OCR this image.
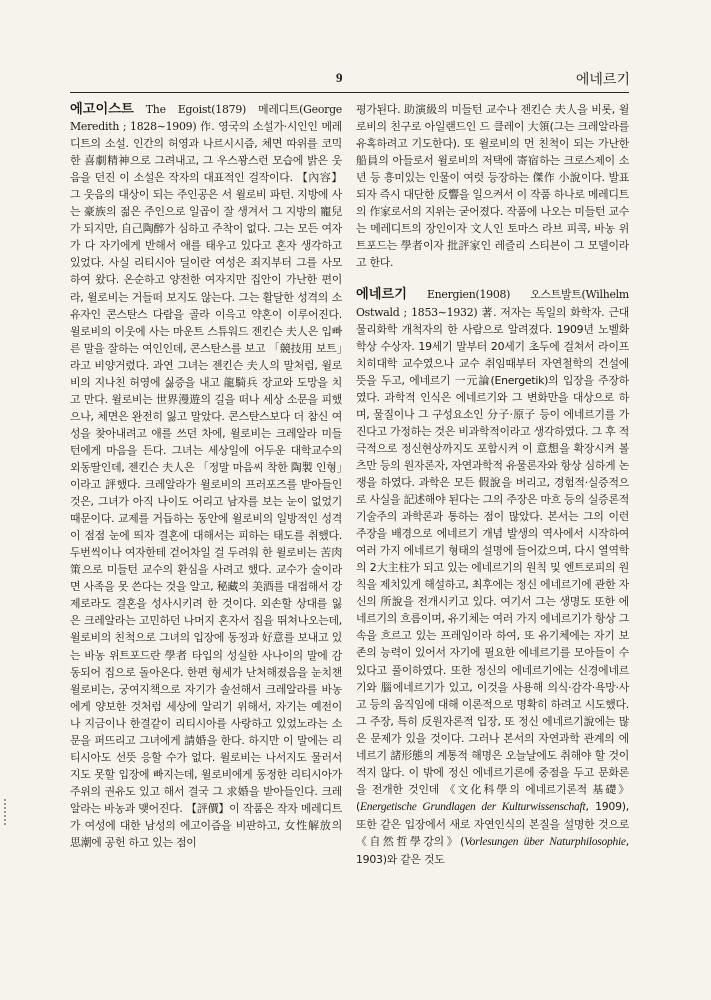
9	에네르기

에고이스트 The Egoist(1879) 메레디트(George Meredith ; 1828∼1909) 作. 영국의 소설가·시인인 메레디트의 소설. 인간의 허영과 나르시시즘, 체면 따위를 코믹한 喜劇精神으로 그려내고, 그 우스꽝스런 모습에 밝은 웃음을 던진 이 소설은 작자의 대표적인 걸작이다. 【內容】그 웃음의 대상이 되는 주인공은 서 윌로비 파턴. 지방에 사는 豪族의 젊은 주인으로 일곱이 잘 생겨서 그 지방의 寵兒가 되지만, 自己陶醉가 심하고 주착이 없다. 그는 모든 여자가 다 자기에게 반해서 애를 태우고 있다고 혼자 생각하고 있었다. 사실 리티시아 딜이란 여성은 죄지부터 그를 사모하여 왔다. 온순하고 양전한 여자지만 집안이 가난한 편이라, 윌로비는 거들떠 보지도 않는다. 그는 활달한 성격의 소유자인 콘스탄스 다람을 골라 이윽고 약혼이 이루어진다. 윌로비의 이웃에 사는 마운트 스튜워드 젠킨슨 夫人은 입빠른 말을 잘하는 여인인데, 콘스탄스를 보고 「競技用 보트」라고 비양거렸다. 과연 그녀는 젠킨슨 夫人의 말처럼, 윌로비의 지나친 허영에 싫증을 내고 龍騎兵 장교와 도망을 치고 만다. 윌로비는 世界漫遊의 길을 떠나 세상 소문을 피했으나, 체면은 완전히 잃고 말았다. 콘스탄스보다 더 참신 여성을 찾아내려고 애를 쓰던 차에, 윌로비는 크레알라 미들턴에게 마음을 든다. 그녀는 세상일에 어두운 대학교수의 외동딸인데, 젠킨슨 夫人은 「정말 마음씨 착한 陶製 인형」이라고 評했다. 크레알라가 윌로비의 프러포즈를 받아들인 것은, 그녀가 아직 나이도 어리고 남자를 보는 눈이 없었기 때문이다. 교제를 거듭하는 동안에 윌로비의 일방적인 성격이 점점 눈에 띄자 결혼에 대해서는 피하는 태도를 취했다. 두번씩이나 여자한테 걷어차일 걸 두려워 한 윌로비는 苦肉策으로 미들턴 교수의 환심을 사려고 했다. 교수가 술이라면 사족을 못 쓴다는 것을 알고, 秘藏의 美酒를 대접해서 강제로라도 결혼을 성사시키려 한 것이다. 외손할 상대를 잃은 크레알라는 고민하던 나머지 혼자서 집을 뛰쳐나오는데, 윌로비의 친척으로 그녀의 입장에 동정과 好意를 보내고 있는 바농 위트포드란 學者 타입의 성실한 사나이의 말에 감동되어 집으로 돌아온다. 한편 형세가 난처해졌음을 눈치챈 윌로비는, 궁여지책으로 자기가 솔선해서 크레알라를 바농에게 양보한 것처럼 세상에 알리기 위해서, 자기는 예전이나 지금이나 한결같이 리티시아를 사랑하고 있었노라는 소문을 퍼뜨리고 그녀에게 請婚을 한다. 하지만 이 말에는 리티시아도 선뜻 응할 수가 없다. 윌로비는 나서지도 물러서지도 못할 입장에 빠지는데, 윌로비에게 동정한 리티시아가 주위의 권유도 있고 해서 결국 그 求婚을 받아들인다. 크레알라는 바농과 맺어진다. 【評價】이 작품은 작자 메레디트가 여성에 대한 남성의 에고이즘을 비판하고, 女性解放의 思潮에 공헌 하고 있는 점이

평가된다. 助演級의 미들턴 교수나 젠킨슨 夫人을 비롯, 윌로비의 친구로 아일랜드인 드 클레이 大領(그는 크레알라를 유혹하려고 기도한다). 또 윌로비의 먼 친척이 되는 가난한 船員의 아들로서 윌로비의 저택에 寄宿하는 크로스제이 소년 등 흥미있는 인물이 여럿 등장하는 傑作 小說이다. 발표되자 즉시 대단한 反響을 일으켜서 이 작품 하나로 메레디트의 作家로서의 지위는 굳어졌다. 작품에 나오는 미들턴 교수는 메레디트의 장인이자 文人인 토마스 라브 피콕, 바농 위트포드는 學者이자 批評家인 레즐리 스티븐이 그 모델이라고 한다.

에네르기 Energien(1908) 오스트발트(Wilhelm Ostwald ; 1853∼1932) 著. 저자는 독일의 화학자. 근대 물리화학 개척자의 한 사람으로 알려졌다. 1909년 노벨화학상 수상자. 19세기 말부터 20세기 초두에 걸쳐서 라이프치히대학 교수였으나 교수 취임때부터 자연철학의 건설에 뜻을 두고, 에네르기 一元論(Energetik)의 입장을 주장하였다. 과학적 인식은 에네르기와 그 변화만을 대상으로 하며, 물질이나 그 구성요소인 分子·原子 등이 에네르기를 가진다고 가정하는 것은 비과학적이라고 생각하였다. 그 후 적극적으로 정신현상까지도 포함시켜 이 意想을 확장시켜 볼츠만 등의 원자론자, 자연과학적 유물론자와 항상 심하게 논쟁을 하였다. 과학은 모든 假說을 버리고, 경험적·실증적으로 사실을 記述해야 된다는 그의 주장은 마흐 등의 실증론적 기술주의 과학론과 통하는 점이 많았다. 본서는 그의 이런 주장을 배경으로 에네르기 개념 발생의 역사에서 시작하여 여러 가지 에네르기 형태의 설명에 들어갔으며, 다시 열역학의 2大主柱가 되고 있는 에네르기의 원칙 및 엔트로피의 원칙을 제치있게 해설하고, 최후에는 정신 에네르기에 관한 자신의 所說을 전개시키고 있다. 여기서 그는 생명도 또한 에네르기의 흐름이며, 유기체는 여러 가지 에네르기가 항상 그 속을 흐르고 있는 프레임이라 하여, 또 유기체에는 자기 보존의 능력이 있어서 자기에 필요한 에네르기를 모아들이 수 있다고 풀이하였다. 또한 정신의 에네르기에는 신경에네르기와 腦에네르기가 있고, 이것을 사용해 의식·감각·욕망·사고 등의 움직임에 대해 이론적으로 명확히 하려고 시도했다. 그 주장, 특히 反원자론적 입장, 또 정신 에네르기說에는 많은 문제가 있을 것이다. 그러나 본서의 자연과학 관계의 에네르기 諸形態의 계통적 해명은 오늘날에도 취해야 할 것이 적지 않다. 이 밖에 정신 에네르기론에 중점을 두고 문화론을 전개한 것인데 《文化科學의 에네르기론적 基礎》(Energetische Grundlagen der Kulturwissenschaft, 1909), 또한 같은 입장에서 새로 자연인식의 본질을 설명한 것으로 《自然哲學강의》(Vorlesungen über Naturphilosophie, 1903)와 같은 것도
